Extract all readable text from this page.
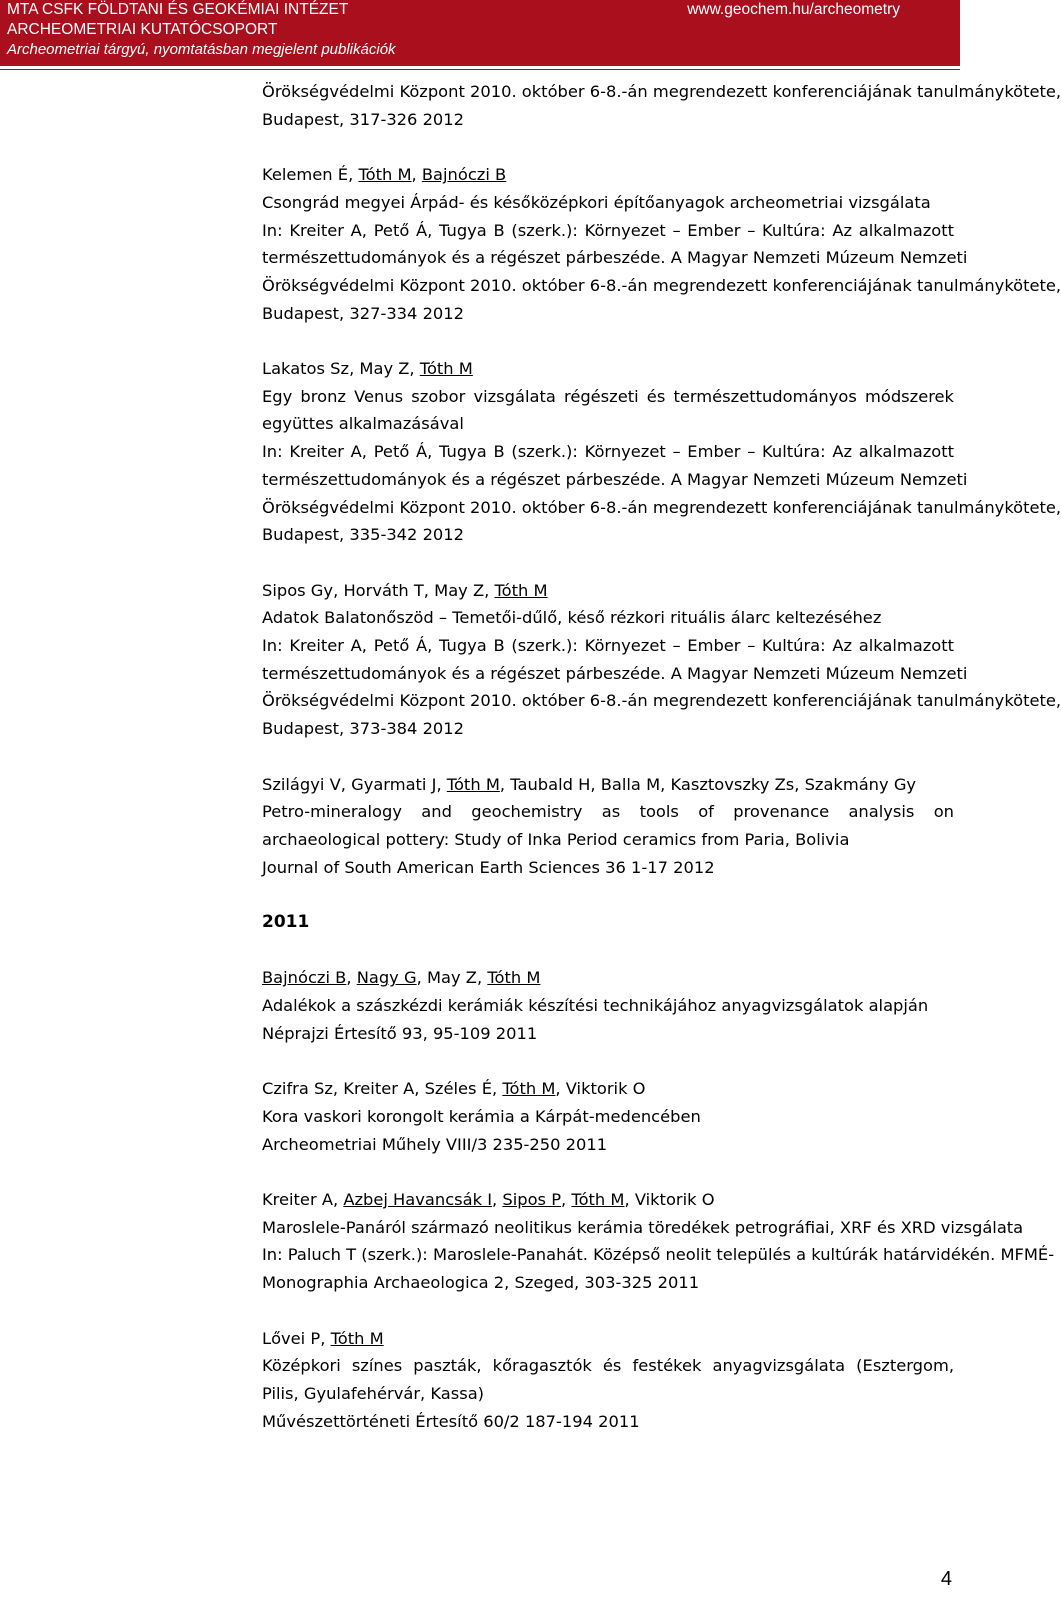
MTA CSFK FÖLDTANI ÉS GEOKÉMIAI INTÉZET
ARCHEOMETRIAI KUTATÓCSOPORT
Archeometriai tárgyú, nyomtatásban megjelent publikációk
www.geochem.hu/archeometry
Örökségvédelmi Központ 2010. október 6-8.-án megrendezett konferenciájának tanulmánykötete,
Budapest, 317-326 2012
Kelemen É, Tóth M, Bajnóczi B
Csongrád megyei Árpád- és későközépkori építőanyagok archeometriai vizsgálata
In: Kreiter A, Pető Á, Tugya B (szerk.): Környezet – Ember – Kultúra: Az alkalmazott
természettudományok és a régészet párbeszéde. A Magyar Nemzeti Múzeum Nemzeti
Örökségvédelmi Központ 2010. október 6-8.-án megrendezett konferenciájának tanulmánykötete,
Budapest, 327-334 2012
Lakatos Sz, May Z, Tóth M
Egy bronz Venus szobor vizsgálata régészeti és természettudományos módszerek együttes alkalmazásával
In: Kreiter A, Pető Á, Tugya B (szerk.): Környezet – Ember – Kultúra: Az alkalmazott
természettudományok és a régészet párbeszéde. A Magyar Nemzeti Múzeum Nemzeti
Örökségvédelmi Központ 2010. október 6-8.-án megrendezett konferenciájának tanulmánykötete,
Budapest, 335-342 2012
Sipos Gy, Horváth T, May Z, Tóth M
Adatok Balatonőszöd – Temetői-dűlő, késő rézkori rituális álarc keltezéséhez
In: Kreiter A, Pető Á, Tugya B (szerk.): Környezet – Ember – Kultúra: Az alkalmazott
természettudományok és a régészet párbeszéde. A Magyar Nemzeti Múzeum Nemzeti
Örökségvédelmi Központ 2010. október 6-8.-án megrendezett konferenciájának tanulmánykötete,
Budapest, 373-384 2012
Szilágyi V, Gyarmati J, Tóth M, Taubald H, Balla M, Kasztovszky Zs, Szakmány Gy
Petro-mineralogy and geochemistry as tools of provenance analysis on archaeological pottery: Study of Inka Period ceramics from Paria, Bolivia
Journal of South American Earth Sciences 36 1-17 2012
2011
Bajnóczi B, Nagy G, May Z, Tóth M
Adalékok a szászkézdi kerámiák készítési technikájához anyagvizsgálatok alapján
Néprajzi Értesítő 93, 95-109 2011
Czifra Sz, Kreiter A, Széles É, Tóth M, Viktorik O
Kora vaskori korongolt kerámia a Kárpát-medencében
Archeometriai Műhely VIII/3 235-250 2011
Kreiter A, Azbej Havancsák I, Sipos P, Tóth M, Viktorik O
Maroslele-Panáról származó neolitikus kerámia töredékek petrográfiai, XRF és XRD vizsgálata
In: Paluch T (szerk.): Maroslele-Panahát. Középső neolit település a kultúrák határvidékén. MFMÉ-
Monographia Archaeologica 2, Szeged, 303-325 2011
Lővei P, Tóth M
Középkori színes paszták, kőragasztók és festékek anyagvizsgálata (Esztergom, Pilis, Gyulafehérvár, Kassa)
Művészettörténeti Értesítő 60/2 187-194 2011
4
